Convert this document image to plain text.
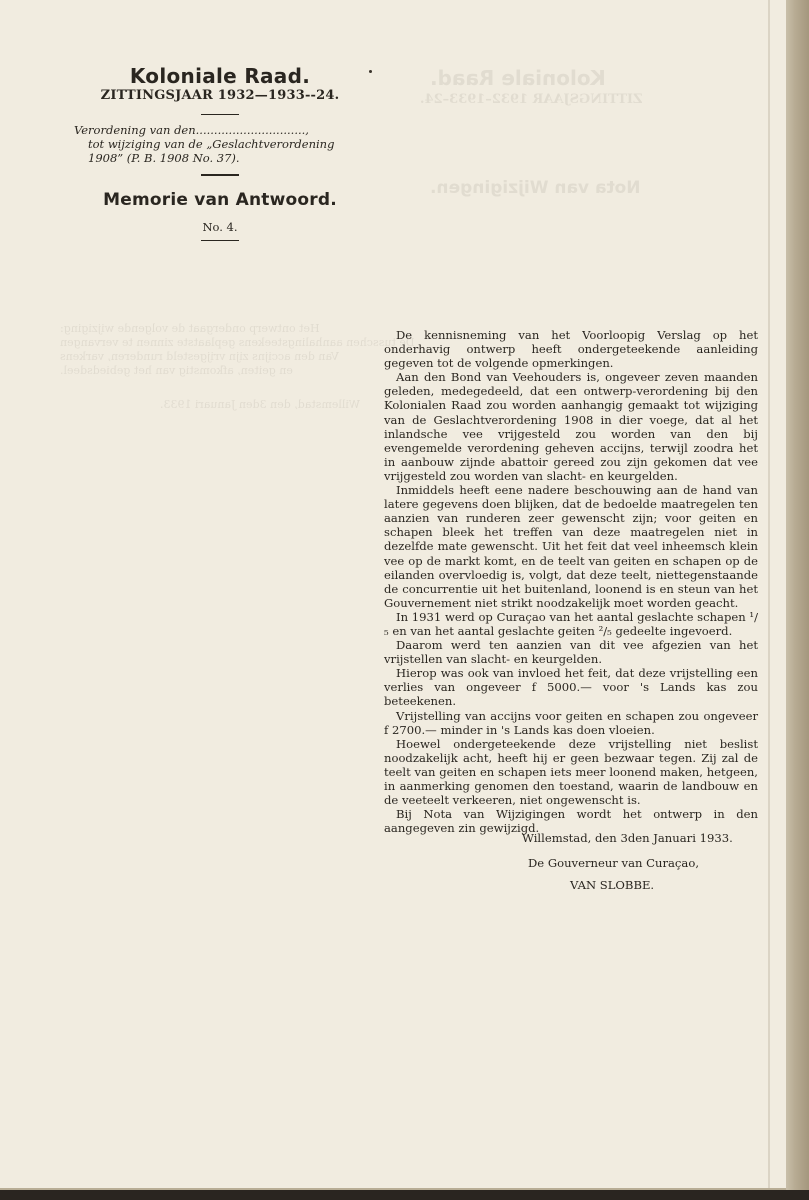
Koloniale Raad.
ZITTINGSJAAR 1932–1933–24.
Nota van Wijzigingen.
Het ontwerp ondergaat de volgende wijziging:
De tusschen aanhalingsteekens geplaatste zinnen te vervangen
Van den accijns zijn vrijgesteld runderen, varkens
en geiten, afkomstig van het gebiedsdeel.
Willemstad, den 3den Januari 1933.
Koloniale Raad.
ZITTINGSJAAR 1932—1933--24.
Verordening van den..............................,
tot wijziging van de „Geslachtverordening
1908” (P. B. 1908 No. 37).
Memorie van Antwoord.
No. 4.

De kennisneming van het Voorloopig Verslag op het onderhavig ontwerp heeft ondergeteekende aanleiding gegeven tot de volgende opmerkingen.

Aan den Bond van Veehouders is, ongeveer zeven maanden geleden, medegedeeld, dat een ontwerp-verordening bij den Kolonialen Raad zou worden aanhangig gemaakt tot wijziging van de Geslachtverordening 1908 in dier voege, dat al het inlandsche vee vrijgesteld zou worden van den bij evengemelde verordening geheven accijns, terwijl zoodra het in aanbouw zijnde abattoir gereed zou zijn gekomen dat vee vrijgesteld zou worden van slacht- en keurgelden.

Inmiddels heeft eene nadere beschouwing aan de hand van latere gegevens doen blijken, dat de bedoelde maatregelen ten aanzien van runderen zeer gewenscht zijn; voor geiten en schapen bleek het treffen van deze maatregelen niet in dezelfde mate gewenscht. Uit het feit dat veel inheemsch klein vee op de markt komt, en de teelt van geiten en schapen op de eilanden overvloedig is, volgt, dat deze teelt, niettegenstaande de concurrentie uit het buitenland, loonend is en steun van het Gouvernement niet strikt noodzakelijk moet worden geacht.

In 1931 werd op Curaçao van het aantal geslachte schapen ¹/₅ en van het aantal geslachte geiten ²/₅ gedeelte ingevoerd.

Daarom werd ten aanzien van dit vee afgezien van het vrijstellen van slacht- en keurgelden.

Hierop was ook van invloed het feit, dat deze vrijstelling een verlies van ongeveer f 5000.— voor 's Lands kas zou beteekenen.

Vrijstelling van accijns voor geiten en schapen zou ongeveer f 2700.— minder in 's Lands kas doen vloeien.

Hoewel ondergeteekende deze vrijstelling niet beslist noodzakelijk acht, heeft hij er geen bezwaar tegen. Zij zal de teelt van geiten en schapen iets meer loonend maken, hetgeen, in aanmerking genomen den toestand, waarin de landbouw en de veeteelt verkeeren, niet ongewenscht is.

Bij Nota van Wijzigingen wordt het ontwerp in den aangegeven zin gewijzigd.

Willemstad, den 3den Januari 1933.
De Gouverneur van Curaçao,
VAN SLOBBE.
